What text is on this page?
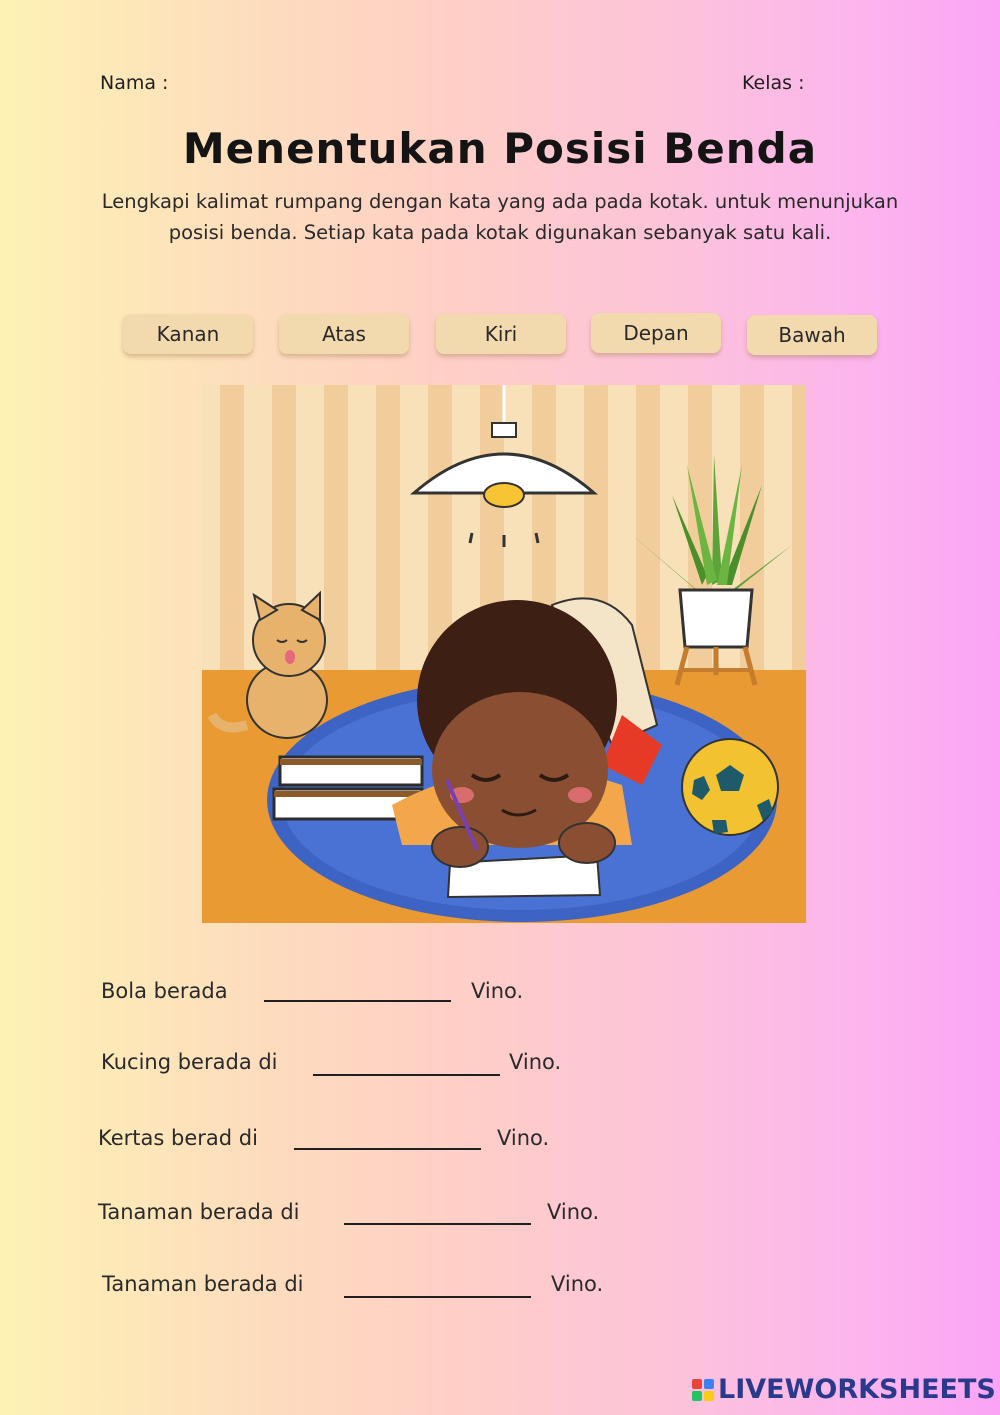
Nama :	Kelas :
Menentukan Posisi Benda
Lengkapi kalimat rumpang dengan kata yang ada pada kotak. untuk menunjukan posisi benda. Setiap kata pada kotak digunakan sebanyak satu kali.
Kanan	Atas	Kiri	Depan	Bawah
Bola berada	Vino.
Kucing berada di	Vino.
Kertas berad di	Vino.
Tanaman berada di	Vino.
Tanaman berada di	Vino.
LIVEWORKSHEETS
